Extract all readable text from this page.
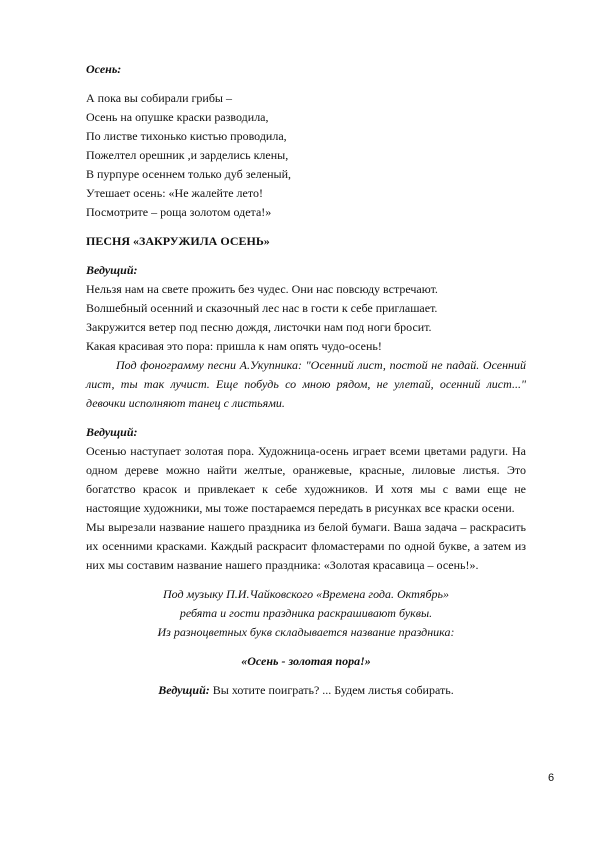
Осень:
А пока вы собирали грибы –
Осень на опушке краски разводила,
По листве тихонько кистью проводила,
Пожелтел орешник ,и зарделись клены,
В пурпуре осеннем только дуб зеленый,
Утешает осень: «Не жалейте лето!
Посмотрите – роща золотом одета!»
ПЕСНЯ «ЗАКРУЖИЛА ОСЕНЬ»
Ведущий:
Нельзя нам на свете прожить без чудес. Они нас повсюду встречают.
Волшебный осенний и сказочный лес нас в гости к себе приглашает.
Закружится ветер под песню дождя, листочки нам под ноги бросит.
Какая красивая это пора: пришла к нам опять чудо-осень!
Под фонограмму песни А.Укупника: "Осенний лист, постой не падай. Осенний лист, ты так лучист. Еще побудь со мною рядом, не улетай, осенний лист..." девочки исполняют танец с листьями.
Ведущий:
Осенью наступает золотая пора. Художница-осень играет всеми цветами радуги. На одном дереве можно найти желтые, оранжевые, красные, лиловые листья. Это богатство красок и привлекает к себе художников. И хотя мы с вами еще не настоящие художники, мы тоже постараемся передать в рисунках все краски осени.
Мы вырезали название нашего праздника из белой бумаги. Ваша задача – раскрасить их осенними красками. Каждый раскрасит фломастерами по одной букве, а затем из них мы составим название нашего праздника: «Золотая красавица – осень!».
Под музыку П.И.Чайковского «Времена года. Октябрь»
ребята и гости праздника раскрашивают буквы.
Из разноцветных букв складывается название праздника:
«Осень - золотая пора!»
Ведущий: Вы хотите поиграть? ... Будем листья собирать.
6
